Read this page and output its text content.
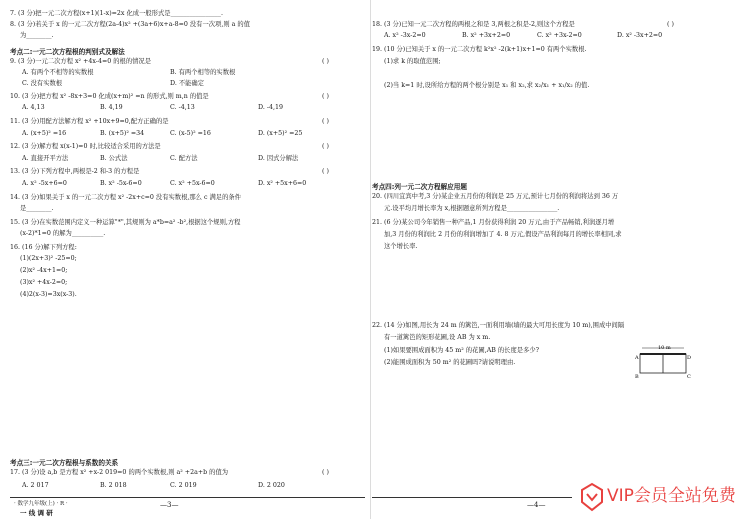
7. (3 分)把一元二次方程(x+1)(1-x)=2x 化成一般形式是________________.
8. (3 分)若关于 x 的一元二次方程(2a-4)x² +(3a+6)x+a-8=0 没有一次项,则 a 的值
为________.
考点二:一元二次方程根的判别式及解法
9. (3 分)一元二次方程 x² +4x-4=0 的根的情况是	( )
A. 有两个不相等的实数根	B. 有两个相等的实数根
C. 没有实数根	D. 不能确定
10. (3 分)把方程 x² -8x+3=0 化成(x+m)² =n 的形式,则 m,n 的值是	( )
A. 4,13	B. 4,19	C. -4,13	D. -4,19
11. (3 分)用配方法解方程 x² +10x+9=0,配方正确的是	( )
A. (x+5)² =16	B. (x+5)² =34	C. (x-5)² =16	D. (x+5)² =25
12. (3 分)解方程 x(x-1)=0 时,比较适合采用的方法是	( )
A. 直接开平方法	B. 公式法	C. 配方法	D. 因式分解法
13. (3 分)下列方程中,两根是-2 和-3 的方程是	( )
A. x² -5x+6=0	B. x² -5x-6=0	C. x² +5x-6=0	D. x² +5x+6=0
14. (3 分)如果关于 x 的一元二次方程 x² -2x+c=0 没有实数根,那么 c 满足的条件
是________.
15. (3 分)在实数范围内定义一种运算"*",其规则为 a*b=a² -b²,根据这个规则,方程
(x-2)*1=0 的解为__________.
16. (16 分)解下列方程:
(1)(2x+3)² -25=0;
(2)x² -4x+1=0;
(3)x² +4x-2=0;
(4)2(x-3)=3x(x-3).
考点三:一元二次方程根与系数的关系
17. (3 分)设 a,b 是方程 x² +x-2 019=0 的两个实数根,则 a² +2a+b 的值为	( )
A. 2 017	B. 2 018	C. 2 019	D. 2 020
· 数学九年级(上) · R ·
一 线 调 研
—3—
18. (3 分)已知一元二次方程的两根之和是 3,两根之积是-2,则这个方程是	( )
A. x² -3x-2=0	B. x² +3x+2=0	C. x² +3x-2=0	D. x² -3x+2=0
19. (10 分)已知关于 x 的一元二次方程 k²x² -2(k+1)x+1=0 有两个实数根.
(1)求 k 的取值范围;
(2)当 k=1 时,设所给方程的两个根分别是 x₁ 和 x₂,求 x₂/x₁ + x₁/x₂ 的值.
考点四:列一元二次方程解应用题
20. (四川宜宾中考,3 分)某企业五月份的利润是 25 万元,预计七月份的利润将达到 36 万
元.设平均月增长率为 x,根据题意所列方程是________________.
21. (6 分)某公司今年销售一种产品,1 月份获得利润 20 万元,由于产品畅销,利润逐月增
加,3 月份的利润比 2 月份的利润增加了 4. 8 万元,假设产品利润每月的增长率相同,求
这个增长率.
22. (14 分)如图,用长为 24 m 的篱笆,一面利用墙(墙的最大可用长度为 10 m),围成中间隔
有一道篱笆的矩形花圃,设 AB 为 x m.
(1)如果要围成面积为 45 m² 的花圃,AB 的长度是多少?
(2)能围成面积为 50 m² 的花圃吗?请说明理由.
10 m
A
B	C
D
—4—	VIP会员全站免费
